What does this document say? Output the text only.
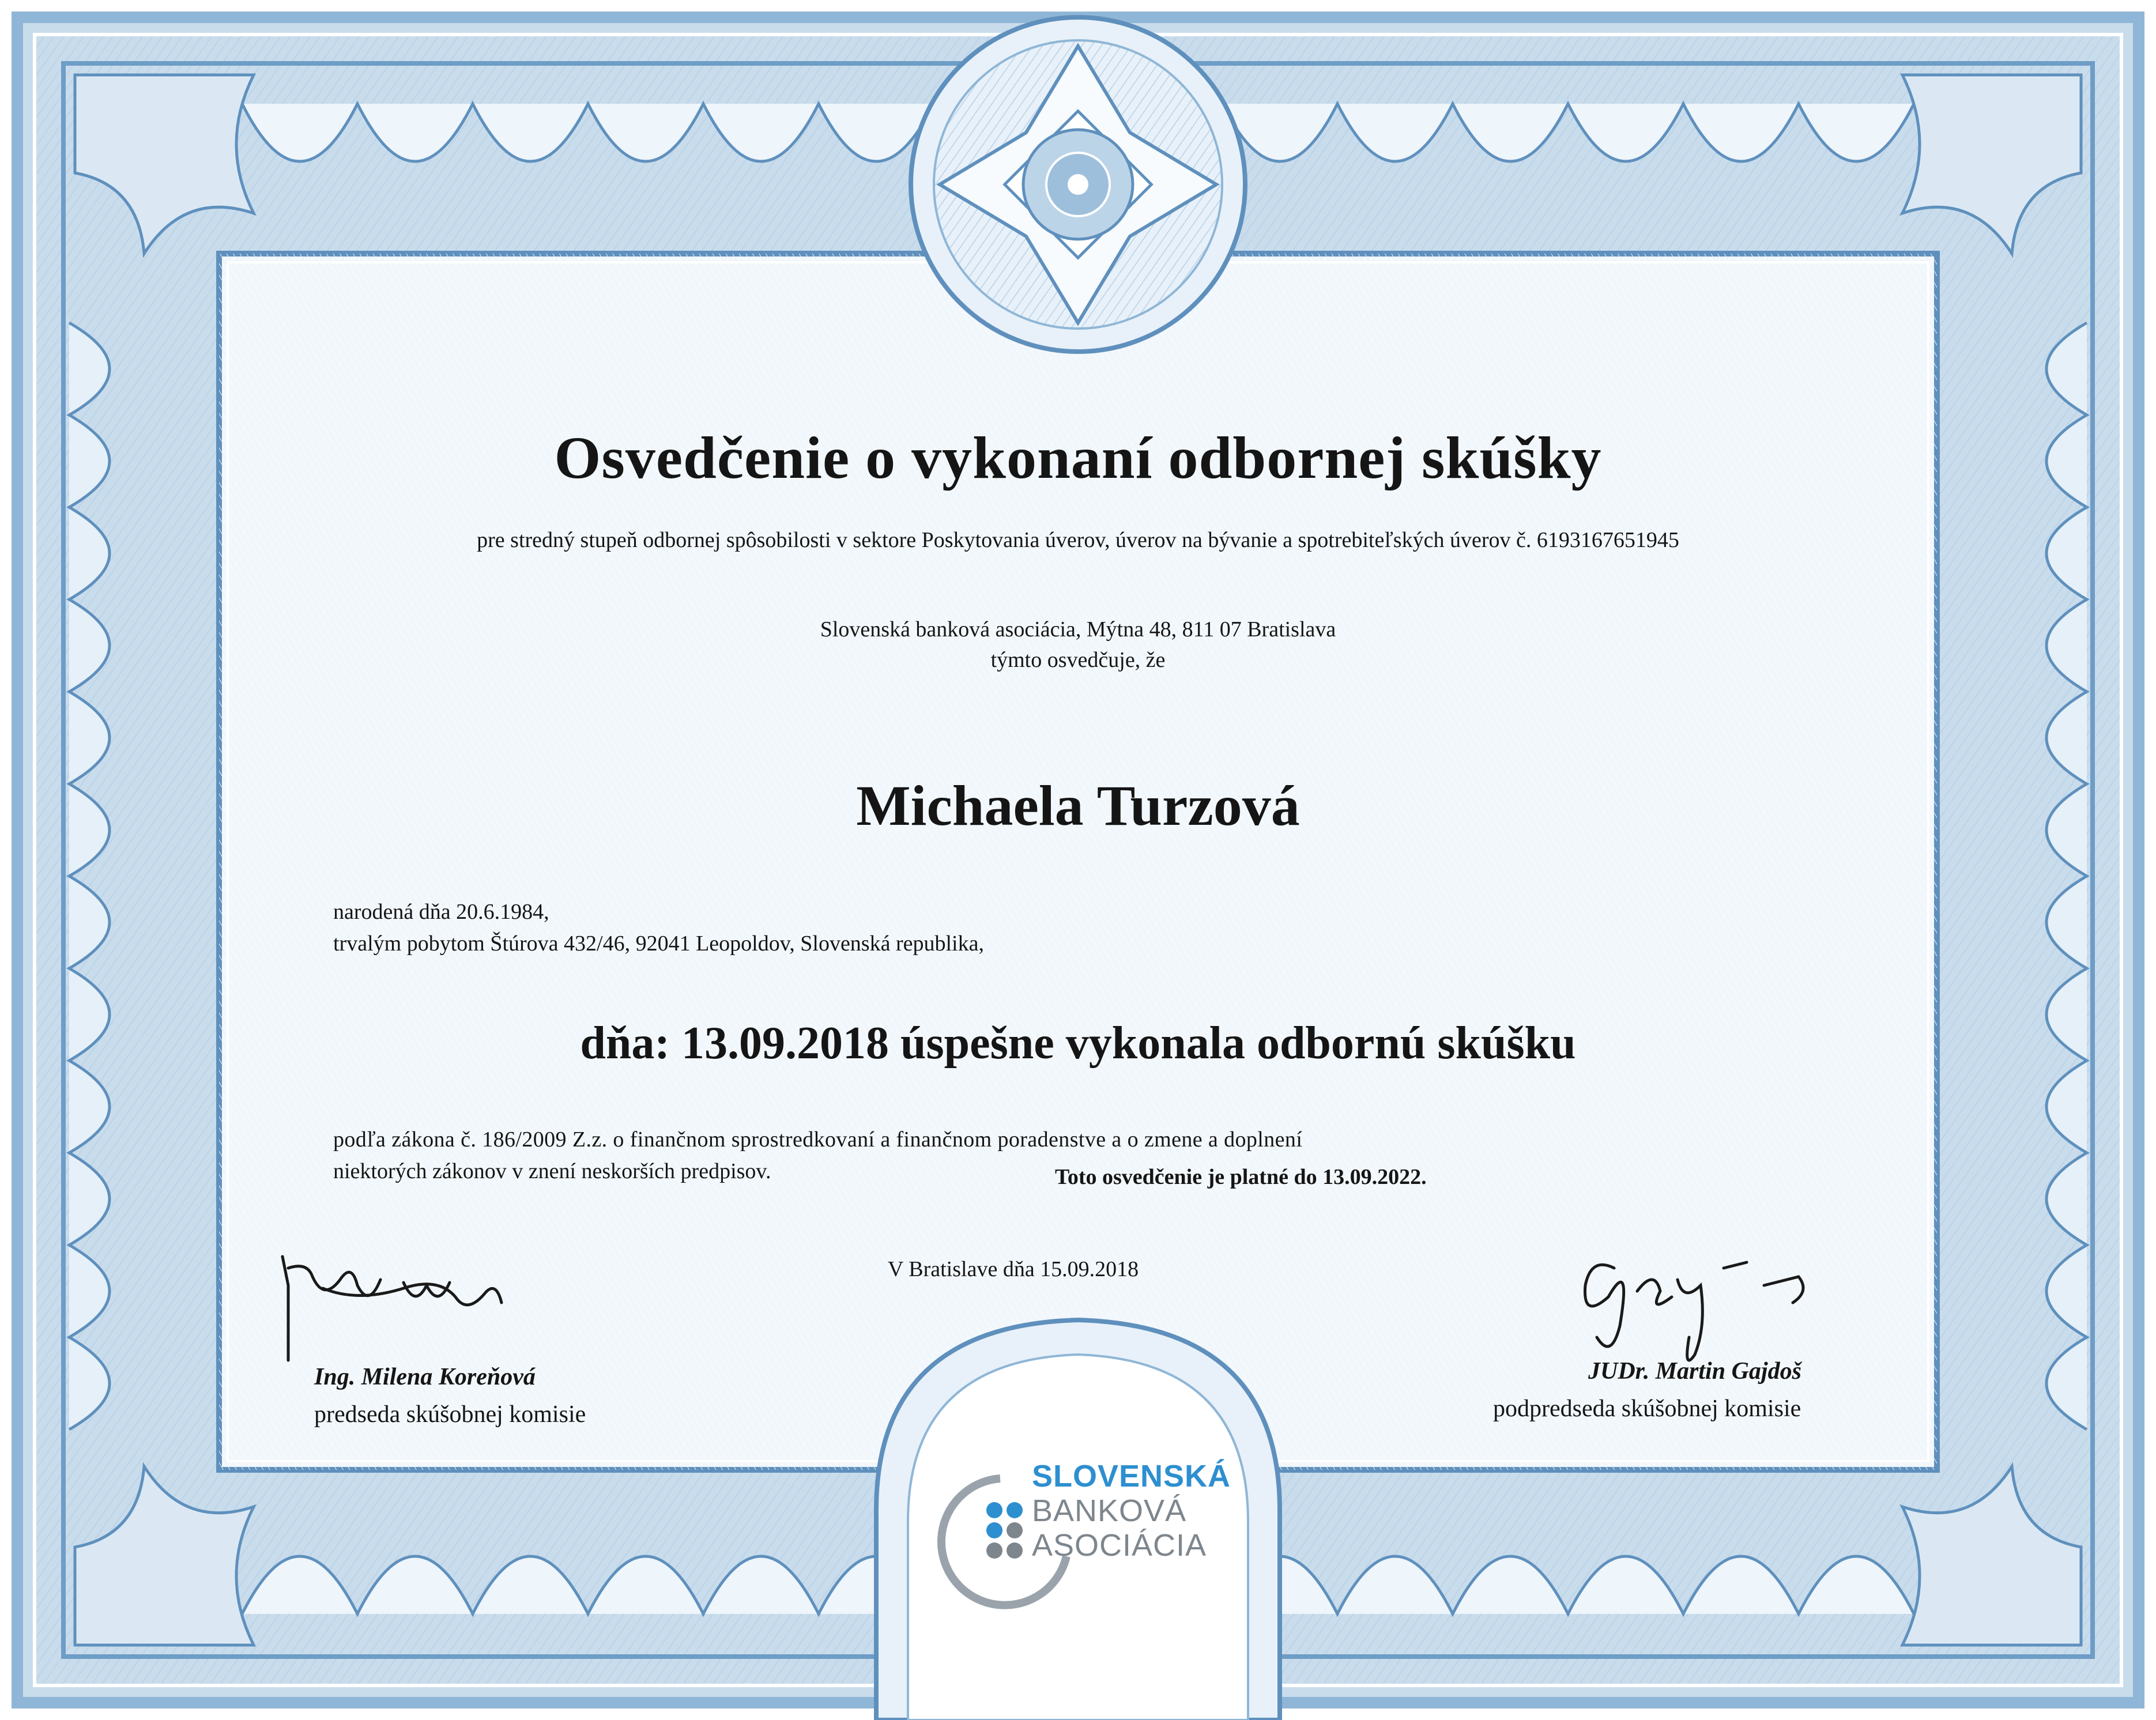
Osvedčenie o vykonaní odbornej skúšky
pre stredný stupeň odbornej spôsobilosti v sektore Poskytovania úverov, úverov na bývanie a spotrebiteľských úverov č. 6193167651945
Slovenská banková asociácia, Mýtna 48, 811 07 Bratislava
týmto osvedčuje, že
Michaela Turzová
narodená dňa 20.6.1984,
trvalým pobytom Štúrova 432/46, 92041 Leopoldov, Slovenská republika,
dňa: 13.09.2018 úspešne vykonala odbornú skúšku
podľa zákona č. 186/2009 Z.z. o finančnom sprostredkovaní a finančnom poradenstve a o zmene a doplnení
niektorých zákonov v znení neskorších predpisov.	Toto osvedčenie je platné do 13.09.2022.
V Bratislave dňa 15.09.2018
Ing. Milena Koreňová
predseda skúšobnej komisie
JUDr. Martin Gajdoš
podpredseda skúšobnej komisie
SLOVENSKÁ
BANKOVÁ
ASOCIÁCIA
